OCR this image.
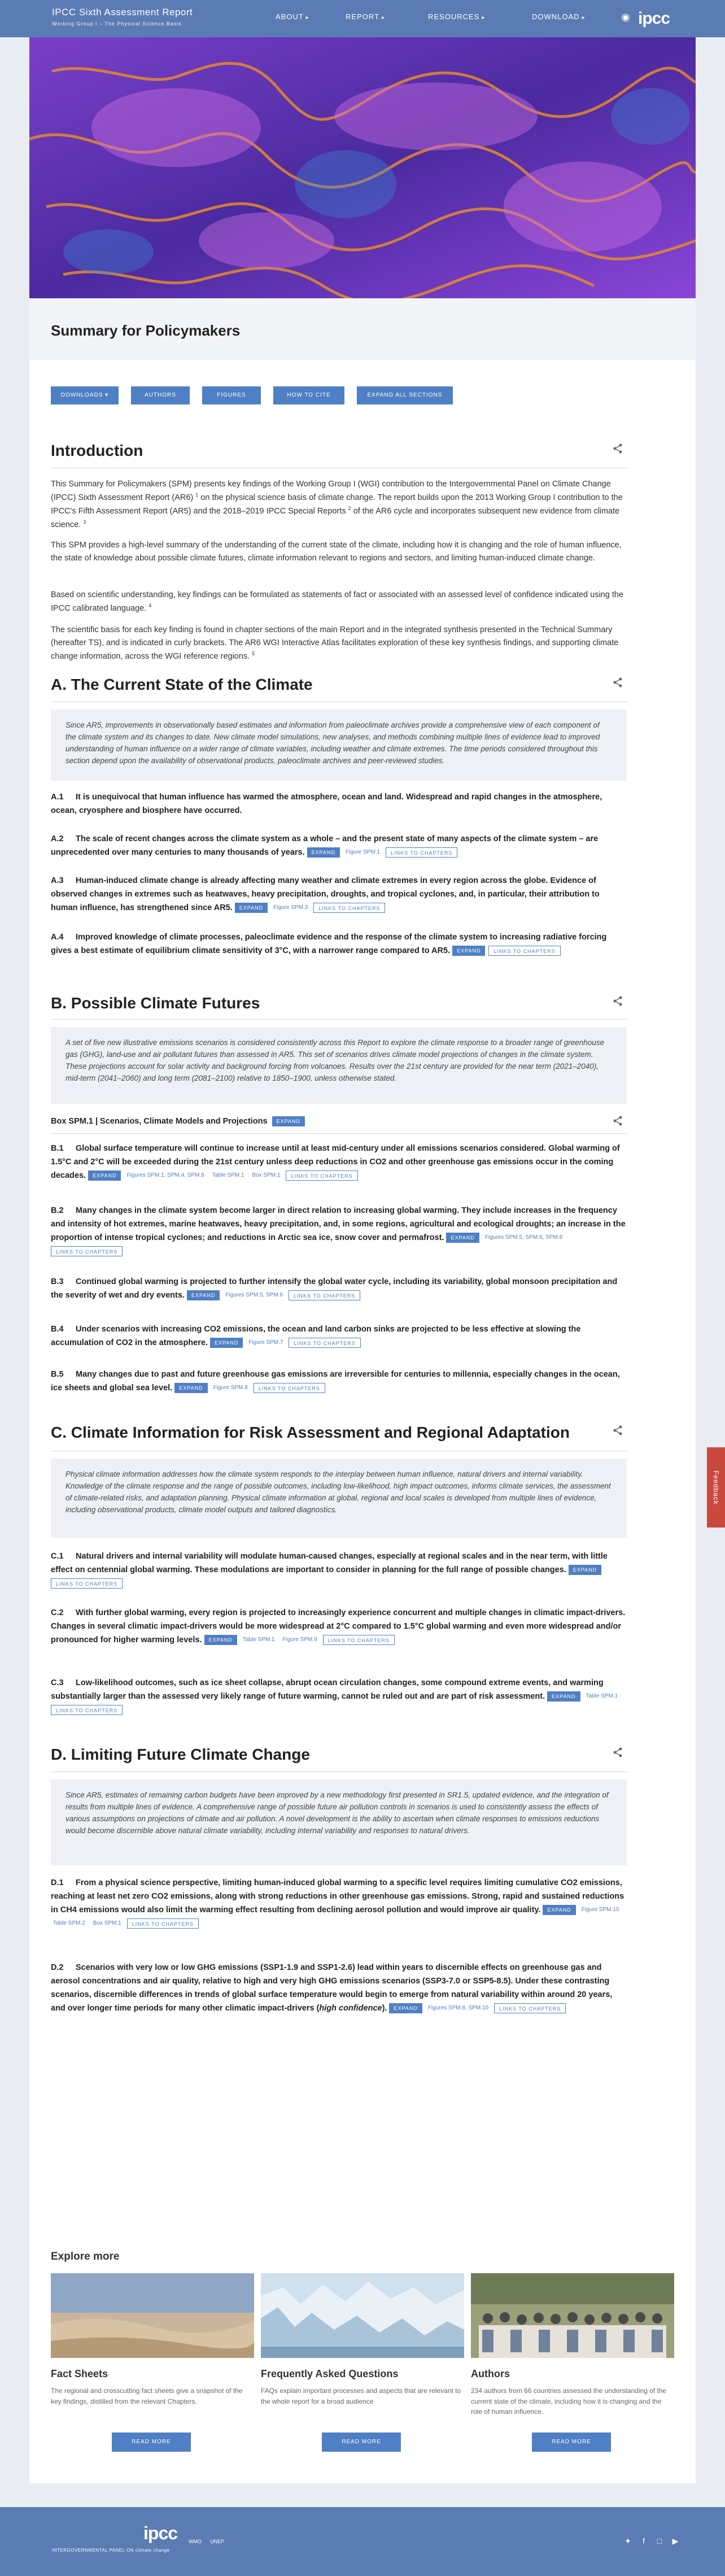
IPCC Sixth Assessment Report
Working Group I – The Physical Science Basis
ABOUT ▸	REPORT ▸	RESOURCES ▸	DOWNLOAD ▸	◉ ipcc
Summary for Policymakers
DOWNLOADS ▾	AUTHORS	FIGURES	HOW TO CITE	EXPAND ALL SECTIONS
Introduction
This Summary for Policymakers (SPM) presents key findings of the Working Group I (WGI) contribution to the Intergovernmental Panel on Climate Change (IPCC) Sixth Assessment Report (AR6) $^1$ on the physical science basis of climate change. The report builds upon the 2013 Working Group I contribution to the IPCC's Fifth Assessment Report (AR5) and the 2018–2019 IPCC Special Reports $^2$ of the AR6 cycle and incorporates subsequent new evidence from climate science. $^3$
This SPM provides a high-level summary of the understanding of the current state of the climate, including how it is changing and the role of human influence, the state of knowledge about possible climate futures, climate information relevant to regions and sectors, and limiting human-induced climate change.
Based on scientific understanding, key findings can be formulated as statements of fact or associated with an assessed level of confidence indicated using the IPCC calibrated language. $^4$
The scientific basis for each key finding is found in chapter sections of the main Report and in the integrated synthesis presented in the Technical Summary (hereafter TS), and is indicated in curly brackets. The AR6 WGI Interactive Atlas facilitates exploration of these key synthesis findings, and supporting climate change information, across the WGI reference regions. $^5$
A. The Current State of the Climate
Since AR5, improvements in observationally based estimates and information from paleoclimate archives provide a comprehensive view of each component of the climate system and its changes to date. New climate model simulations, new analyses, and methods combining multiple lines of evidence lead to improved understanding of human influence on a wider range of climate variables, including weather and climate extremes. The time periods considered throughout this section depend upon the availability of observational products, paleoclimate archives and peer-reviewed studies.
A.1 It is unequivocal that human influence has warmed the atmosphere, ocean and land. Widespread and rapid changes in the atmosphere, ocean, cryosphere and biosphere have occurred.
A.2 The scale of recent changes across the climate system as a whole – and the present state of many aspects of the climate system – are unprecedented over many centuries to many thousands of years. EXPAND Figure SPM.1 LINKS TO CHAPTERS
A.3 Human-induced climate change is already affecting many weather and climate extremes in every region across the globe. Evidence of observed changes in extremes such as heatwaves, heavy precipitation, droughts, and tropical cyclones, and, in particular, their attribution to human influence, has strengthened since AR5. EXPAND Figure SPM.3 LINKS TO CHAPTERS
A.4 Improved knowledge of climate processes, paleoclimate evidence and the response of the climate system to increasing radiative forcing gives a best estimate of equilibrium climate sensitivity of 3°C, with a narrower range compared to AR5. EXPAND	LINKS TO CHAPTERS
B. Possible Climate Futures
A set of five new illustrative emissions scenarios is considered consistently across this Report to explore the climate response to a broader range of greenhouse gas (GHG), land-use and air pollutant futures than assessed in AR5. This set of scenarios drives climate model projections of changes in the climate system. These projections account for solar activity and background forcing from volcanoes. Results over the 21st century are provided for the near term (2021–2040), mid-term (2041–2060) and long term (2081–2100) relative to 1850–1900, unless otherwise stated.
Box SPM.1 | Scenarios, Climate Models and Projections EXPAND
B.1 Global surface temperature will continue to increase until at least mid-century under all emissions scenarios considered. Global warming of 1.5°C and 2°C will be exceeded during the 21st century unless deep reductions in CO2 and other greenhouse gas emissions occur in the coming decades. EXPAND Figures SPM.1, SPM.4, SPM.8 Table SPM.1 Box SPM.1 LINKS TO CHAPTERS
B.2 Many changes in the climate system become larger in direct relation to increasing global warming. They include increases in the frequency and intensity of hot extremes, marine heatwaves, heavy precipitation, and, in some regions, agricultural and ecological droughts; an increase in the proportion of intense tropical cyclones; and reductions in Arctic sea ice, snow cover and permafrost. EXPAND Figures SPM.5, SPM.6, SPM.8LINKS TO CHAPTERS
B.3 Continued global warming is projected to further intensify the global water cycle, including its variability, global monsoon precipitation and the severity of wet and dry events. EXPAND Figures SPM.5, SPM.6 LINKS TO CHAPTERS
B.4 Under scenarios with increasing CO2 emissions, the ocean and land carbon sinks are projected to be less effective at slowing the accumulation of CO2 in the atmosphere. EXPAND Figure SPM.7 LINKS TO CHAPTERS
B.5 Many changes due to past and future greenhouse gas emissions are irreversible for centuries to millennia, especially changes in the ocean, ice sheets and global sea level. EXPAND Figure SPM.8 LINKS TO CHAPTERS
C. Climate Information for Risk Assessment and Regional Adaptation
Physical climate information addresses how the climate system responds to the interplay between human influence, natural drivers and internal variability. Knowledge of the climate response and the range of possible outcomes, including low-likelihood, high impact outcomes, informs climate services, the assessment of climate-related risks, and adaptation planning. Physical climate information at global, regional and local scales is developed from multiple lines of evidence, including observational products, climate model outputs and tailored diagnostics.
C.1 Natural drivers and internal variability will modulate human-caused changes, especially at regional scales and in the near term, with little effect on centennial global warming. These modulations are important to consider in planning for the full range of possible changes. EXPANDLINKS TO CHAPTERS
C.2 With further global warming, every region is projected to increasingly experience concurrent and multiple changes in climatic impact-drivers. Changes in several climatic impact-drivers would be more widespread at 2°C compared to 1.5°C global warming and even more widespread and/or pronounced for higher warming levels. EXPAND Table SPM.1 Figure SPM.9 LINKS TO CHAPTERS
C.3 Low-likelihood outcomes, such as ice sheet collapse, abrupt ocean circulation changes, some compound extreme events, and warming substantially larger than the assessed very likely range of future warming, cannot be ruled out and are part of risk assessment. EXPAND Table SPM.1LINKS TO CHAPTERS
D. Limiting Future Climate Change
Since AR5, estimates of remaining carbon budgets have been improved by a new methodology first presented in SR1.5, updated evidence, and the integration of results from multiple lines of evidence. A comprehensive range of possible future air pollution controls in scenarios is used to consistently assess the effects of various assumptions on projections of climate and air pollution. A novel development is the ability to ascertain when climate responses to emissions reductions would become discernible above natural climate variability, including internal variability and responses to natural drivers.
D.1 From a physical science perspective, limiting human-induced global warming to a specific level requires limiting cumulative CO2 emissions, reaching at least net zero CO2 emissions, along with strong reductions in other greenhouse gas emissions. Strong, rapid and sustained reductions in CH4 emissions would also limit the warming effect resulting from declining aerosol pollution and would improve air quality. EXPAND Figure SPM.10Table SPM.2 Box SPM.1 LINKS TO CHAPTERS
D.2 Scenarios with very low or low GHG emissions (SSP1-1.9 and SSP1-2.6) lead within years to discernible effects on greenhouse gas and aerosol concentrations and air quality, relative to high and very high GHG emissions scenarios (SSP3-7.0 or SSP5-8.5). Under these contrasting scenarios, discernible differences in trends of global surface temperature would begin to emerge from natural variability within around 20 years, and over longer time periods for many other climatic impact-drivers (high confidence). EXPAND Figures SPM.8, SPM.10 LINKS TO CHAPTERS
Explore more
Fact Sheets
The regional and crosscutting fact sheets give a snapshot of the key findings, distilled from the relevant Chapters.
READ MORE
Frequently Asked Questions
FAQs explain important processes and aspects that are relevant to the whole report for a broad audience
READ MORE
Authors
234 authors from 66 countries assessed the understanding of the current state of the climate, including how it is changing and the role of human influence.
READ MORE
Feedback
ipcc
INTERGOVERNMENTAL PANEL ON climate change
WMO UNEP	✦	f	□	▶
